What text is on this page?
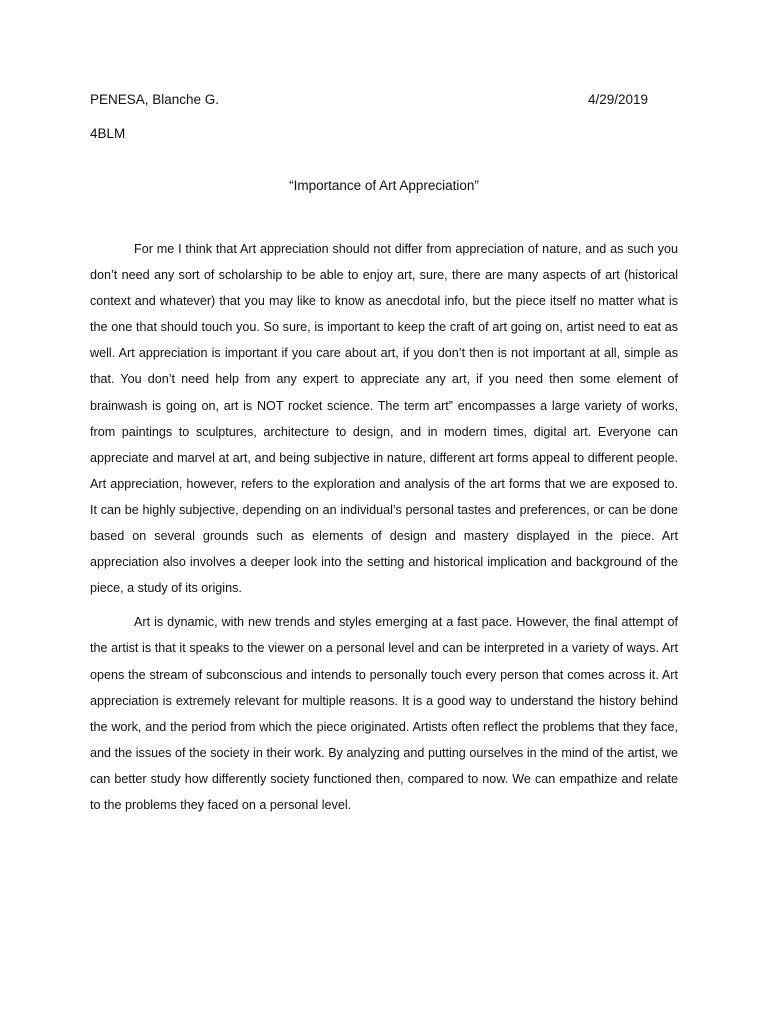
PENESA, Blanche G.	4/29/2019
4BLM
“Importance of Art Appreciation”

For me I think that Art appreciation should not differ from appreciation of nature, and as such you don’t need any sort of scholarship to be able to enjoy art, sure, there are many aspects of art (historical context and whatever) that you may like to know as anecdotal info, but the piece itself no matter what is the one that should touch you. So sure, is important to keep the craft of art going on, artist need to eat as well. Art appreciation is important if you care about art, if you don’t then is not important at all, simple as that. You don’t need help from any expert to appreciate any art, if you need then some element of brainwash is going on, art is NOT rocket science. The term art” encompasses a large variety of works, from paintings to sculptures, architecture to design, and in modern times, digital art. Everyone can appreciate and marvel at art, and being subjective in nature, different art forms appeal to different people. Art appreciation, however, refers to the exploration and analysis of the art forms that we are exposed to. It can be highly subjective, depending on an individual’s personal tastes and preferences, or can be done based on several grounds such as elements of design and mastery displayed in the piece. Art appreciation also involves a deeper look into the setting and historical implication and background of the piece, a study of its origins.

Art is dynamic, with new trends and styles emerging at a fast pace. However, the final attempt of the artist is that it speaks to the viewer on a personal level and can be interpreted in a variety of ways. Art opens the stream of subconscious and intends to personally touch every person that comes across it. Art appreciation is extremely relevant for multiple reasons. It is a good way to understand the history behind the work, and the period from which the piece originated. Artists often reflect the problems that they face, and the issues of the society in their work. By analyzing and putting ourselves in the mind of the artist, we can better study how differently society functioned then, compared to now. We can empathize and relate to the problems they faced on a personal level.
